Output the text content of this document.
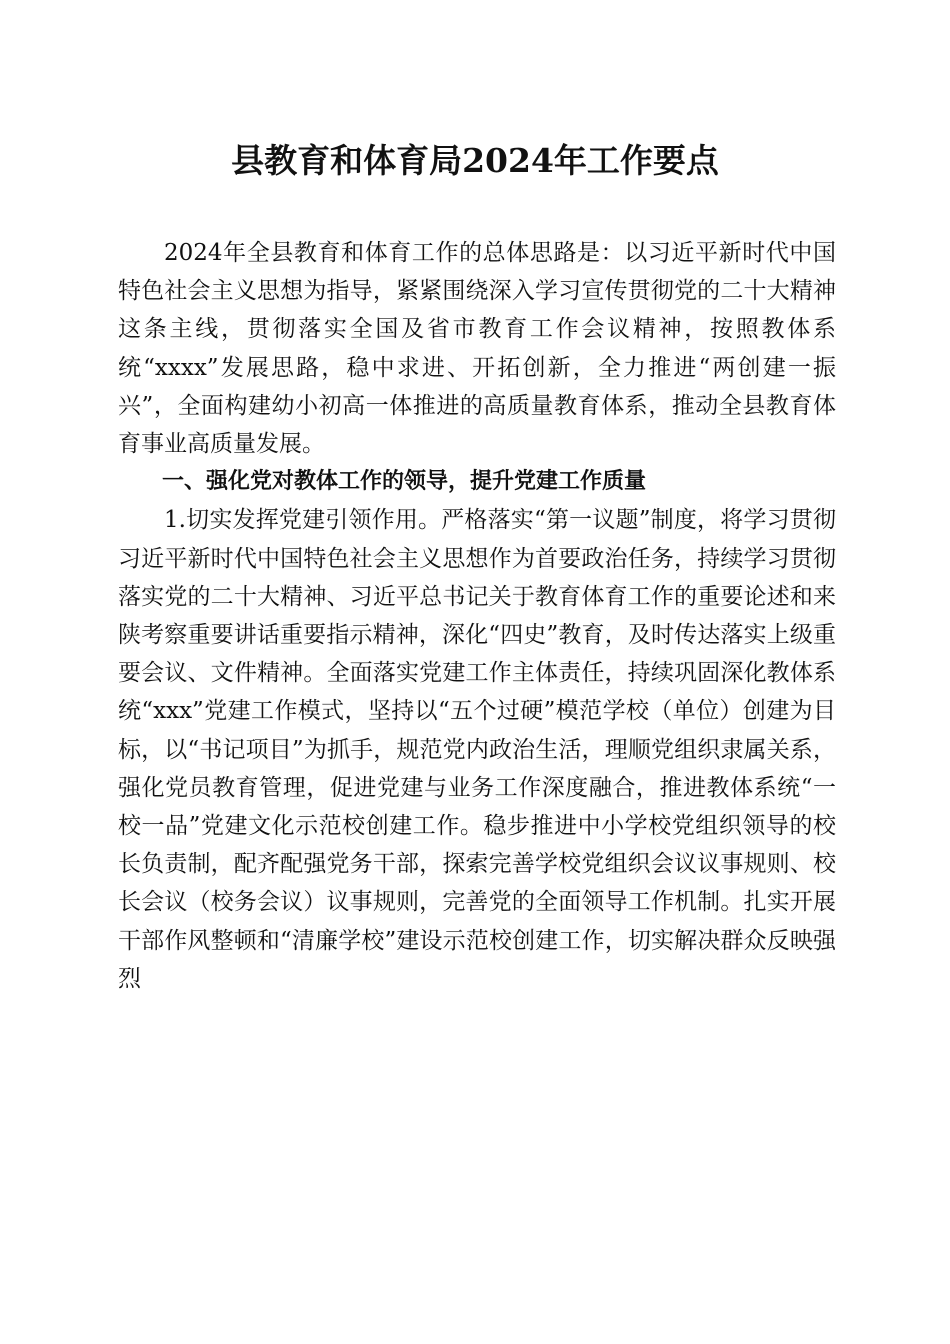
县教育和体育局2024年工作要点

2024年全县教育和体育工作的总体思路是：以习近平新时代中国特色社会主义思想为指导，紧紧围绕深入学习宣传贯彻党的二十大精神这条主线，贯彻落实全国及省市教育工作会议精神，按照教体系统“xxxx”发展思路，稳中求进、开拓创新，全力推进“两创建一振兴”，全面构建幼小初高一体推进的高质量教育体系，推动全县教育体育事业高质量发展。

一、强化党对教体工作的领导，提升党建工作质量

1.切实发挥党建引领作用。严格落实“第一议题”制度，将学习贯彻习近平新时代中国特色社会主义思想作为首要政治任务，持续学习贯彻落实党的二十大精神、习近平总书记关于教育体育工作的重要论述和来陕考察重要讲话重要指示精神，深化“四史”教育，及时传达落实上级重要会议、文件精神。全面落实党建工作主体责任，持续巩固深化教体系统“xxx”党建工作模式，坚持以“五个过硬”模范学校（单位）创建为目标，以“书记项目”为抓手，规范党内政治生活，理顺党组织隶属关系，强化党员教育管理，促进党建与业务工作深度融合，推进教体系统“一校一品”党建文化示范校创建工作。稳步推进中小学校党组织领导的校长负责制，配齐配强党务干部，探索完善学校党组织会议议事规则、校长会议（校务会议）议事规则，完善党的全面领导工作机制。扎实开展干部作风整顿和“清廉学校”建设示范校创建工作，切实解决群众反映强烈
